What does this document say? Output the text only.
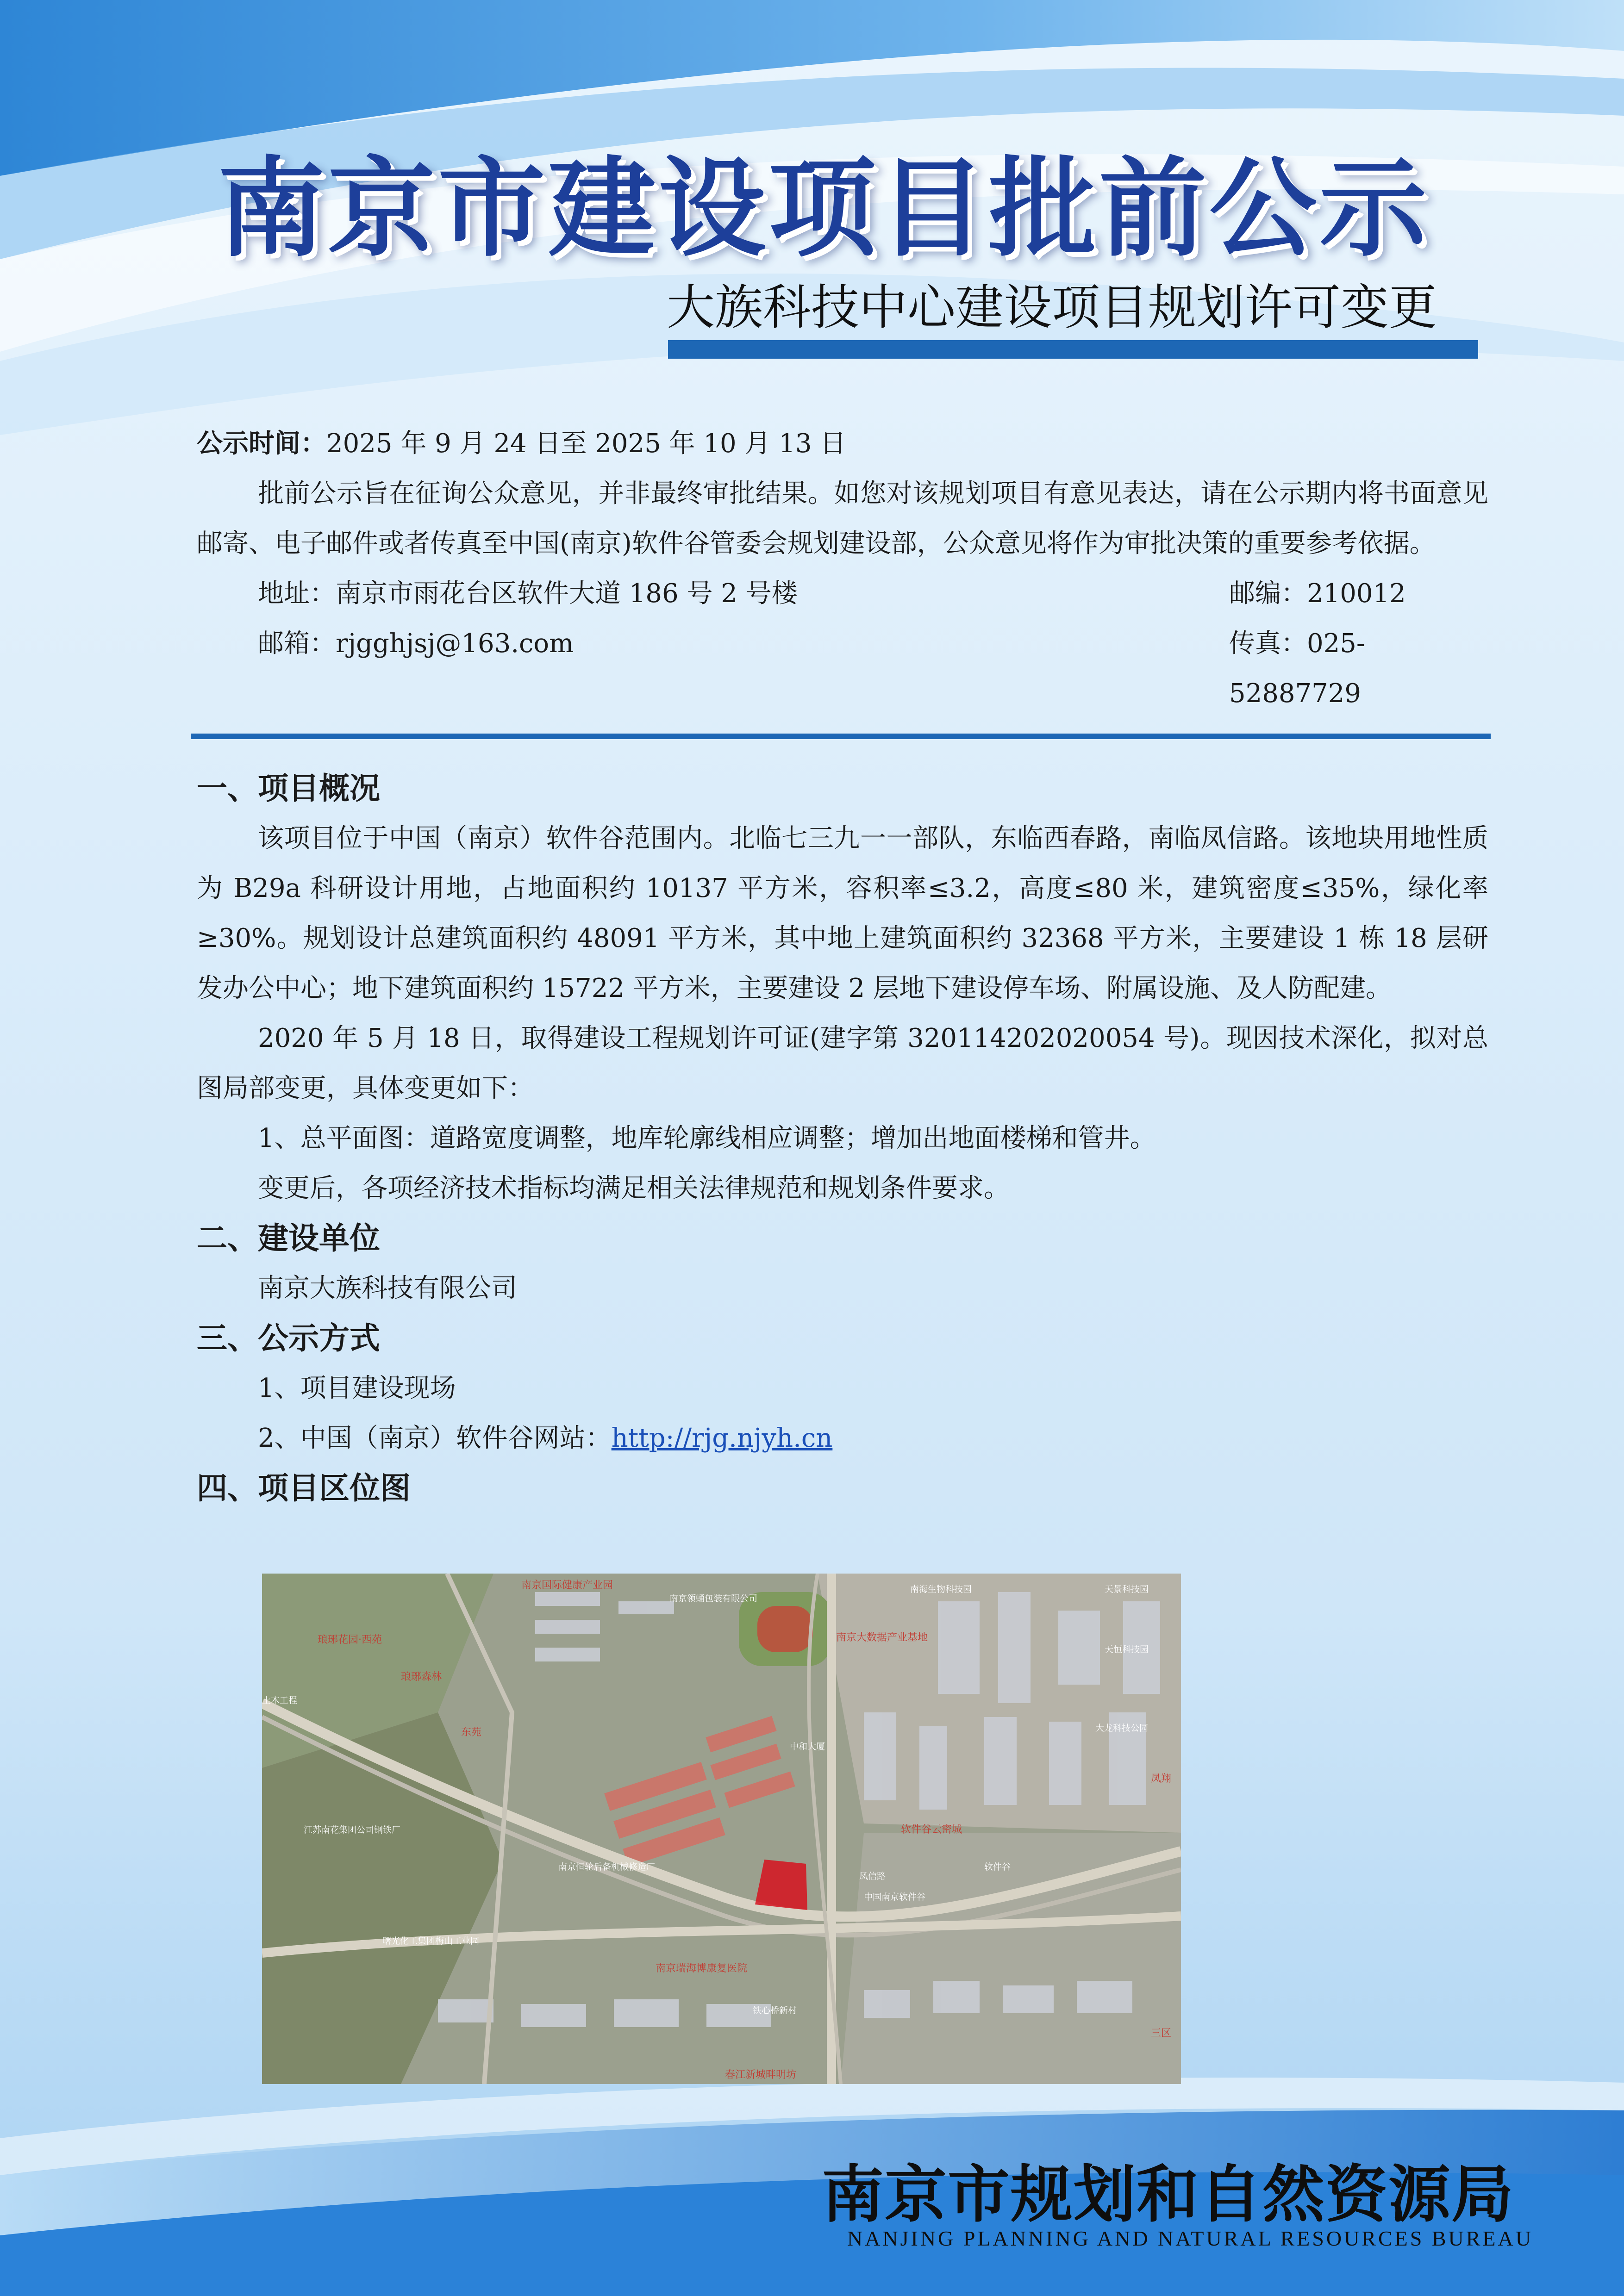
南京市建设项目批前公示
大族科技中心建设项目规划许可变更
公示时间：2025 年 9 月 24 日至 2025 年 10 月 13 日

批前公示旨在征询公众意见，并非最终审批结果。如您对该规划项目有意见表达，请在公示期内将书面意见邮寄、电子邮件或者传真至中国(南京)软件谷管委会规划建设部，公众意见将作为审批决策的重要参考依据。

地址：南京市雨花台区软件大道 186 号 2 号楼	邮编：210012
邮箱：rjgghjsj@163.com	传真：025-52887729
一、项目概况

该项目位于中国（南京）软件谷范围内。北临七三九一一部队，东临西春路，南临凤信路。该地块用地性质为 B29a 科研设计用地，占地面积约 10137 平方米，容积率≤3.2，高度≤80 米，建筑密度≤35%，绿化率≥30%。规划设计总建筑面积约 48091 平方米，其中地上建筑面积约 32368 平方米，主要建设 1 栋 18 层研发办公中心；地下建筑面积约 15722 平方米，主要建设 2 层地下建设停车场、附属设施、及人防配建。

2020 年 5 月 18 日，取得建设工程规划许可证(建字第 320114202020054 号)。现因技术深化，拟对总图局部变更，具体变更如下：

1、总平面图：道路宽度调整，地库轮廓线相应调整；增加出地面楼梯和管井。

变更后，各项经济技术指标均满足相关法律规范和规划条件要求。

二、建设单位

南京大族科技有限公司

三、公示方式

1、项目建设现场

2、中国（南京）软件谷网站：http://rjg.njyh.cn

四、项目区位图
南京国际健康产业园
琅琊花园·西苑
琅琊森林
东苑
南京大数据产业基地
软件谷云密城
南京瑞海博康复医院
春江新城畔明坊
凤翔
三区
南京领蛹包装有限公司
南海生物科技园	天景科技园
天恒科技园
江苏南花集团公司钢铁厂
南京恒轮后备机械修造厂
曙光化工集团梅山工业园
中国南京软件谷
铁心桥新村
大龙科技公园
中和大厦
凤信路
软件谷
土木工程
南京市规划和自然资源局
NANJING PLANNING AND NATURAL RESOURCES BUREAU
